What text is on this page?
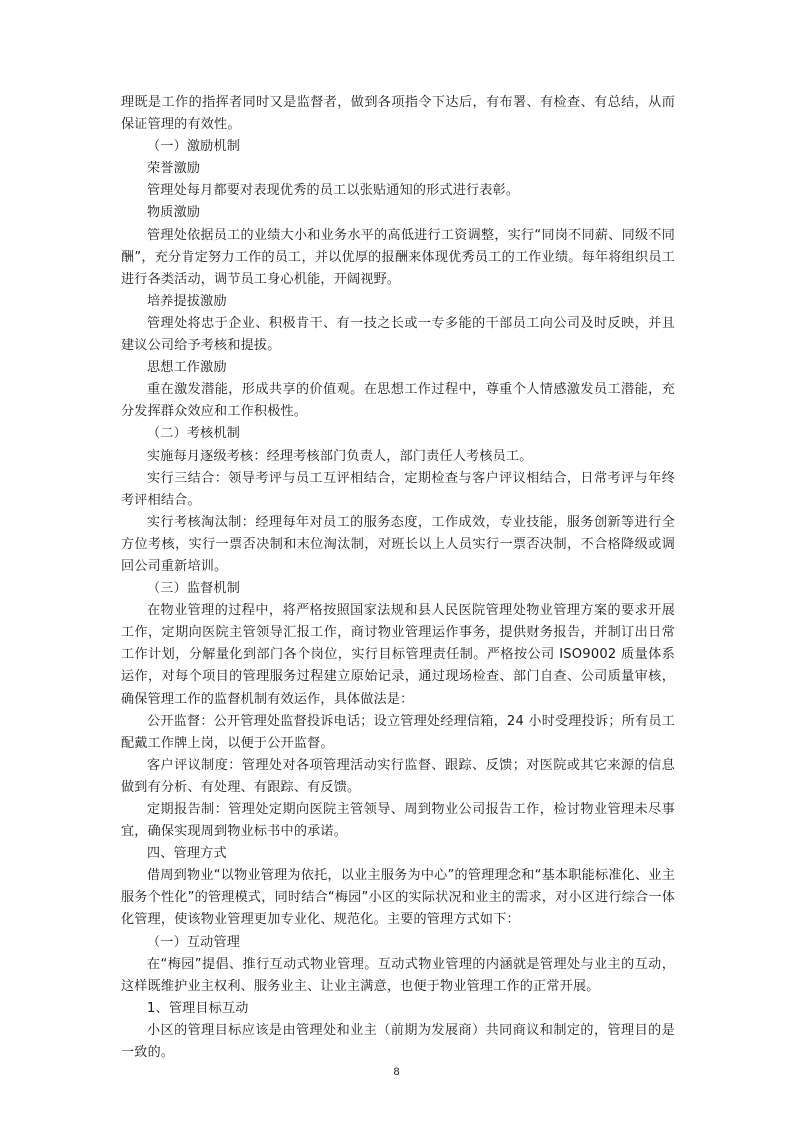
理既是工作的指挥者同时又是监督者，做到各项指令下达后，有布署、有检查、有总结，从而保证管理的有效性。

（一）激励机制

荣誉激励

管理处每月都要对表现优秀的员工以张贴通知的形式进行表彰。

物质激励

管理处依据员工的业绩大小和业务水平的高低进行工资调整，实行“同岗不同薪、同级不同酬”，充分肯定努力工作的员工，并以优厚的报酬来体现优秀员工的工作业绩。每年将组织员工进行各类活动，调节员工身心机能，开阔视野。

培养提拔激励

管理处将忠于企业、积极肯干、有一技之长或一专多能的干部员工向公司及时反映，并且建议公司给予考核和提拔。

思想工作激励

重在激发潜能，形成共享的价值观。在思想工作过程中，尊重个人情感激发员工潜能，充分发挥群众效应和工作积极性。

（二）考核机制

实施每月逐级考核：经理考核部门负责人，部门责任人考核员工。

实行三结合：领导考评与员工互评相结合，定期检查与客户评议相结合，日常考评与年终考评相结合。

实行考核淘汰制：经理每年对员工的服务态度，工作成效，专业技能，服务创新等进行全方位考核，实行一票否决制和末位淘汰制，对班长以上人员实行一票否决制，不合格降级或调回公司重新培训。

（三）监督机制

在物业管理的过程中，将严格按照国家法规和县人民医院管理处物业管理方案的要求开展工作，定期向医院主管领导汇报工作，商讨物业管理运作事务，提供财务报告，并制订出日常工作计划，分解量化到部门各个岗位，实行目标管理责任制。严格按公司 ISO9002 质量体系运作，对每个项目的管理服务过程建立原始记录，通过现场检查、部门自查、公司质量审核，确保管理工作的监督机制有效运作，具体做法是：

公开监督：公开管理处监督投诉电话；设立管理处经理信箱，24 小时受理投诉；所有员工配戴工作牌上岗，以便于公开监督。

客户评议制度：管理处对各项管理活动实行监督、跟踪、反馈；对医院或其它来源的信息做到有分析、有处理、有跟踪、有反馈。

定期报告制：管理处定期向医院主管领导、周到物业公司报告工作，检讨物业管理未尽事宜，确保实现周到物业标书中的承诺。

四、管理方式

借周到物业“以物业管理为依托，以业主服务为中心”的管理理念和“基本职能标准化、业主服务个性化”的管理模式，同时结合“梅园”小区的实际状况和业主的需求，对小区进行综合一体化管理，使该物业管理更加专业化、规范化。主要的管理方式如下：

（一）互动管理

在“梅园”提倡、推行互动式物业管理。互动式物业管理的内涵就是管理处与业主的互动，这样既维护业主权利、服务业主、让业主满意，也便于物业管理工作的正常开展。

1、管理目标互动

小区的管理目标应该是由管理处和业主（前期为发展商）共同商议和制定的，管理目的是一致的。

8
